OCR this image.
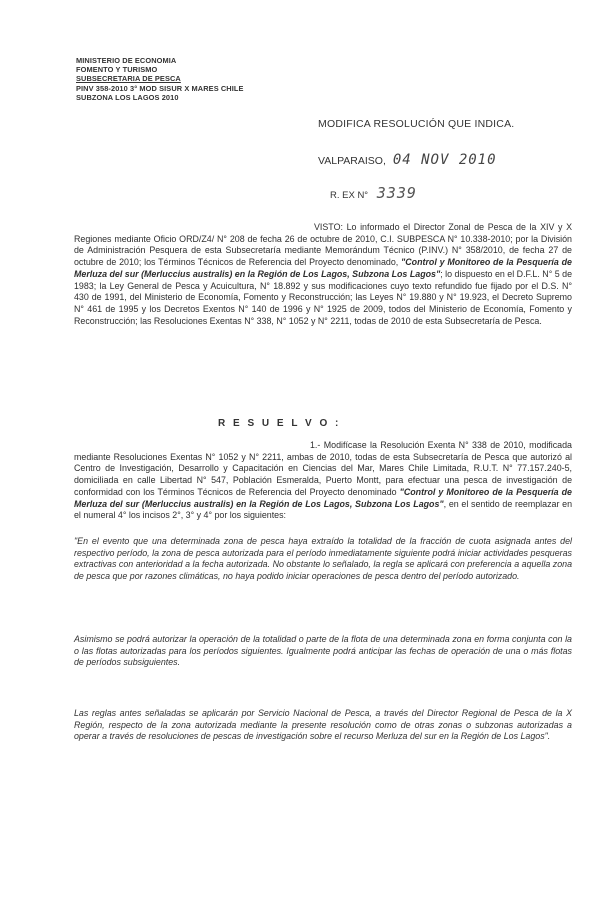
MINISTERIO DE ECONOMIA
FOMENTO Y TURISMO
SUBSECRETARIA DE PESCA
PINV 358-2010 3° MOD SISUR X MARES CHILE
SUBZONA LOS LAGOS 2010
MODIFICA RESOLUCIÓN QUE INDICA.
VALPARAISO, 04 NOV 2010
R. EX N° 3339
VISTO: Lo informado el Director Zonal de Pesca de la XIV y X Regiones mediante Oficio ORD/Z4/ N° 208 de fecha 26 de octubre de 2010, C.I. SUBPESCA N° 10.338-2010; por la División de Administración Pesquera de esta Subsecretaría mediante Memorándum Técnico (P.INV.) N° 358/2010, de fecha 27 de octubre de 2010; los Términos Técnicos de Referencia del Proyecto denominado, "Control y Monitoreo de la Pesquería de Merluza del sur (Merluccius australis) en la Región de Los Lagos, Subzona Los Lagos"; lo dispuesto en el D.F.L. N° 5 de 1983; la Ley General de Pesca y Acuicultura, N° 18.892 y sus modificaciones cuyo texto refundido fue fijado por el D.S. N° 430 de 1991, del Ministerio de Economía, Fomento y Reconstrucción; las Leyes N° 19.880 y N° 19.923, el Decreto Supremo N° 461 de 1995 y los Decretos Exentos N° 140 de 1996 y N° 1925 de 2009, todos del Ministerio de Economía, Fomento y Reconstrucción; las Resoluciones Exentas N° 338, N° 1052 y N° 2211, todas de 2010 de esta Subsecretaría de Pesca.
R E S U E L V O :
1.- Modifícase la Resolución Exenta N° 338 de 2010, modificada mediante Resoluciones Exentas N° 1052 y N° 2211, ambas de 2010, todas de esta Subsecretaría de Pesca que autorizó al Centro de Investigación, Desarrollo y Capacitación en Ciencias del Mar, Mares Chile Limitada, R.U.T. N° 77.157.240-5, domiciliada en calle Libertad N° 547, Población Esmeralda, Puerto Montt, para efectuar una pesca de investigación de conformidad con los Términos Técnicos de Referencia del Proyecto denominado "Control y Monitoreo de la Pesquería de Merluza del sur (Merluccius australis) en la Región de Los Lagos, Subzona Los Lagos", en el sentido de reemplazar en el numeral 4° los incisos 2°, 3° y 4° por los siguientes:
"En el evento que una determinada zona de pesca haya extraído la totalidad de la fracción de cuota asignada antes del respectivo período, la zona de pesca autorizada para el período inmediatamente siguiente podrá iniciar actividades pesqueras extractivas con anterioridad a la fecha autorizada. No obstante lo señalado, la regla se aplicará con preferencia a aquella zona de pesca que por razones climáticas, no haya podido iniciar operaciones de pesca dentro del período autorizado.
Asimismo se podrá autorizar la operación de la totalidad o parte de la flota de una determinada zona en forma conjunta con la o las flotas autorizadas para los períodos siguientes. Igualmente podrá anticipar las fechas de operación de una o más flotas de períodos subsiguientes.
Las reglas antes señaladas se aplicarán por Servicio Nacional de Pesca, a través del Director Regional de Pesca de la X Región, respecto de la zona autorizada mediante la presente resolución como de otras zonas o subzonas autorizadas a operar a través de resoluciones de pescas de investigación sobre el recurso Merluza del sur en la Región de Los Lagos".
